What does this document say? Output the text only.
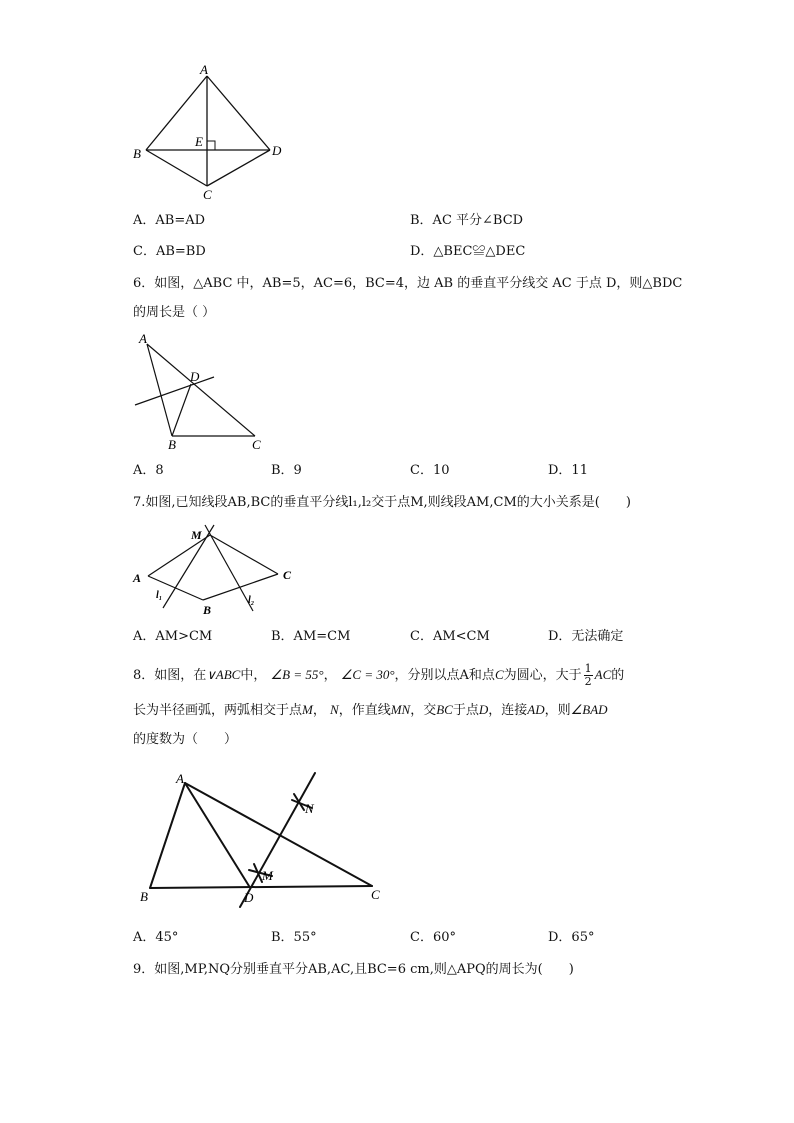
A
B
C
D
E
A．AB=AD	B．AC 平分∠BCD
C．AB=BD	D．△BEC≌△DEC
6．如图，△ABC 中，AB=5，AC=6，BC=4，边 AB 的垂直平分线交 AC 于点 D，则△BDC
的周长是（ ）
A
D
B	C
A．8	B．9	C．10	D．11
7.如图,已知线段AB,BC的垂直平分线l₁,l₂交于点M,则线段AM,CM的大小关系是(　　)
M
A
B
C
l₁	l₂
A．AM>CM	B．AM=CM	C．AM<CM	D．无法确定
8．如图，在∨ABC中， ∠B = 55°， ∠C = 30°，分别以点A和点C为圆心，大于 $\frac{1}{2}$ AC的
长为半径画弧，两弧相交于点M， N，作直线MN，交BC于点D，连接AD，则∠BAD
的度数为（　　）
A
B	C
D
M
N
A．45°	B．55°	C．60°	D．65°
9．如图,MP,NQ分别垂直平分AB,AC,且BC=6 cm,则△APQ的周长为(　　)
